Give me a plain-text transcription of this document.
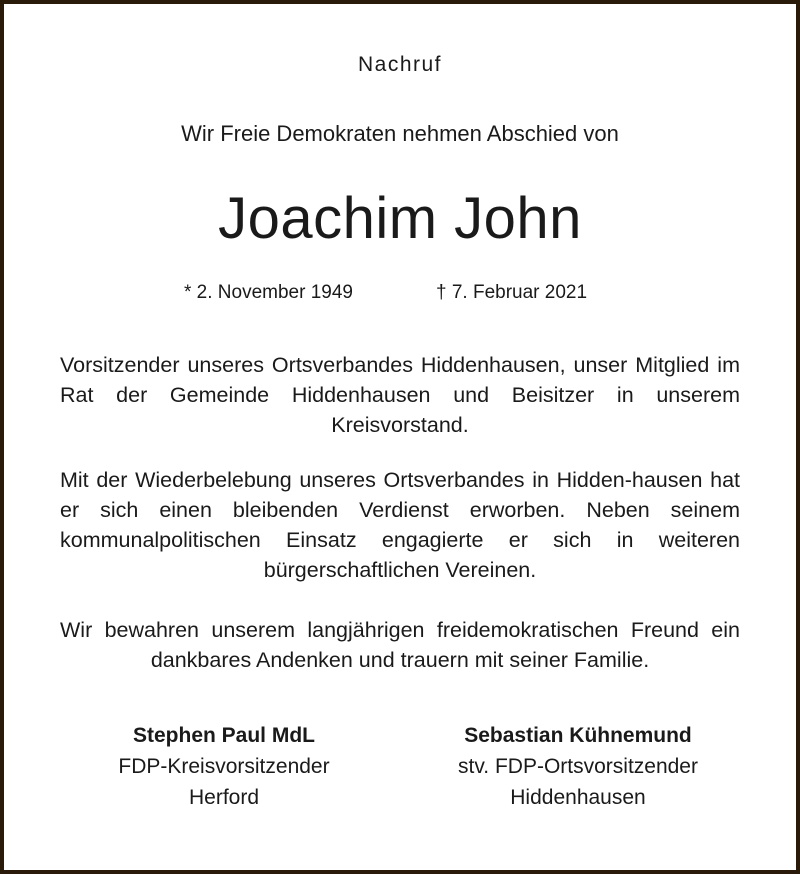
Nachruf
Wir Freie Demokraten nehmen Abschied von
Joachim John
* 2. November 1949	† 7. Februar 2021
Vorsitzender unseres Ortsverbandes Hiddenhausen, unser Mitglied im Rat der Gemeinde Hiddenhausen und Beisitzer in unserem Kreisvorstand.
Mit der Wiederbelebung unseres Ortsverbandes in Hidden-hausen hat er sich einen bleibenden Verdienst erworben. Neben seinem kommunalpolitischen Einsatz engagierte er sich in weiteren bürgerschaftlichen Vereinen.
Wir bewahren unserem langjährigen freidemokratischen Freund ein dankbares Andenken und trauern mit seiner Familie.
Stephen Paul MdL
FDP-Kreisvorsitzender
Herford
Sebastian Kühnemund
stv. FDP-Ortsvorsitzender
Hiddenhausen
